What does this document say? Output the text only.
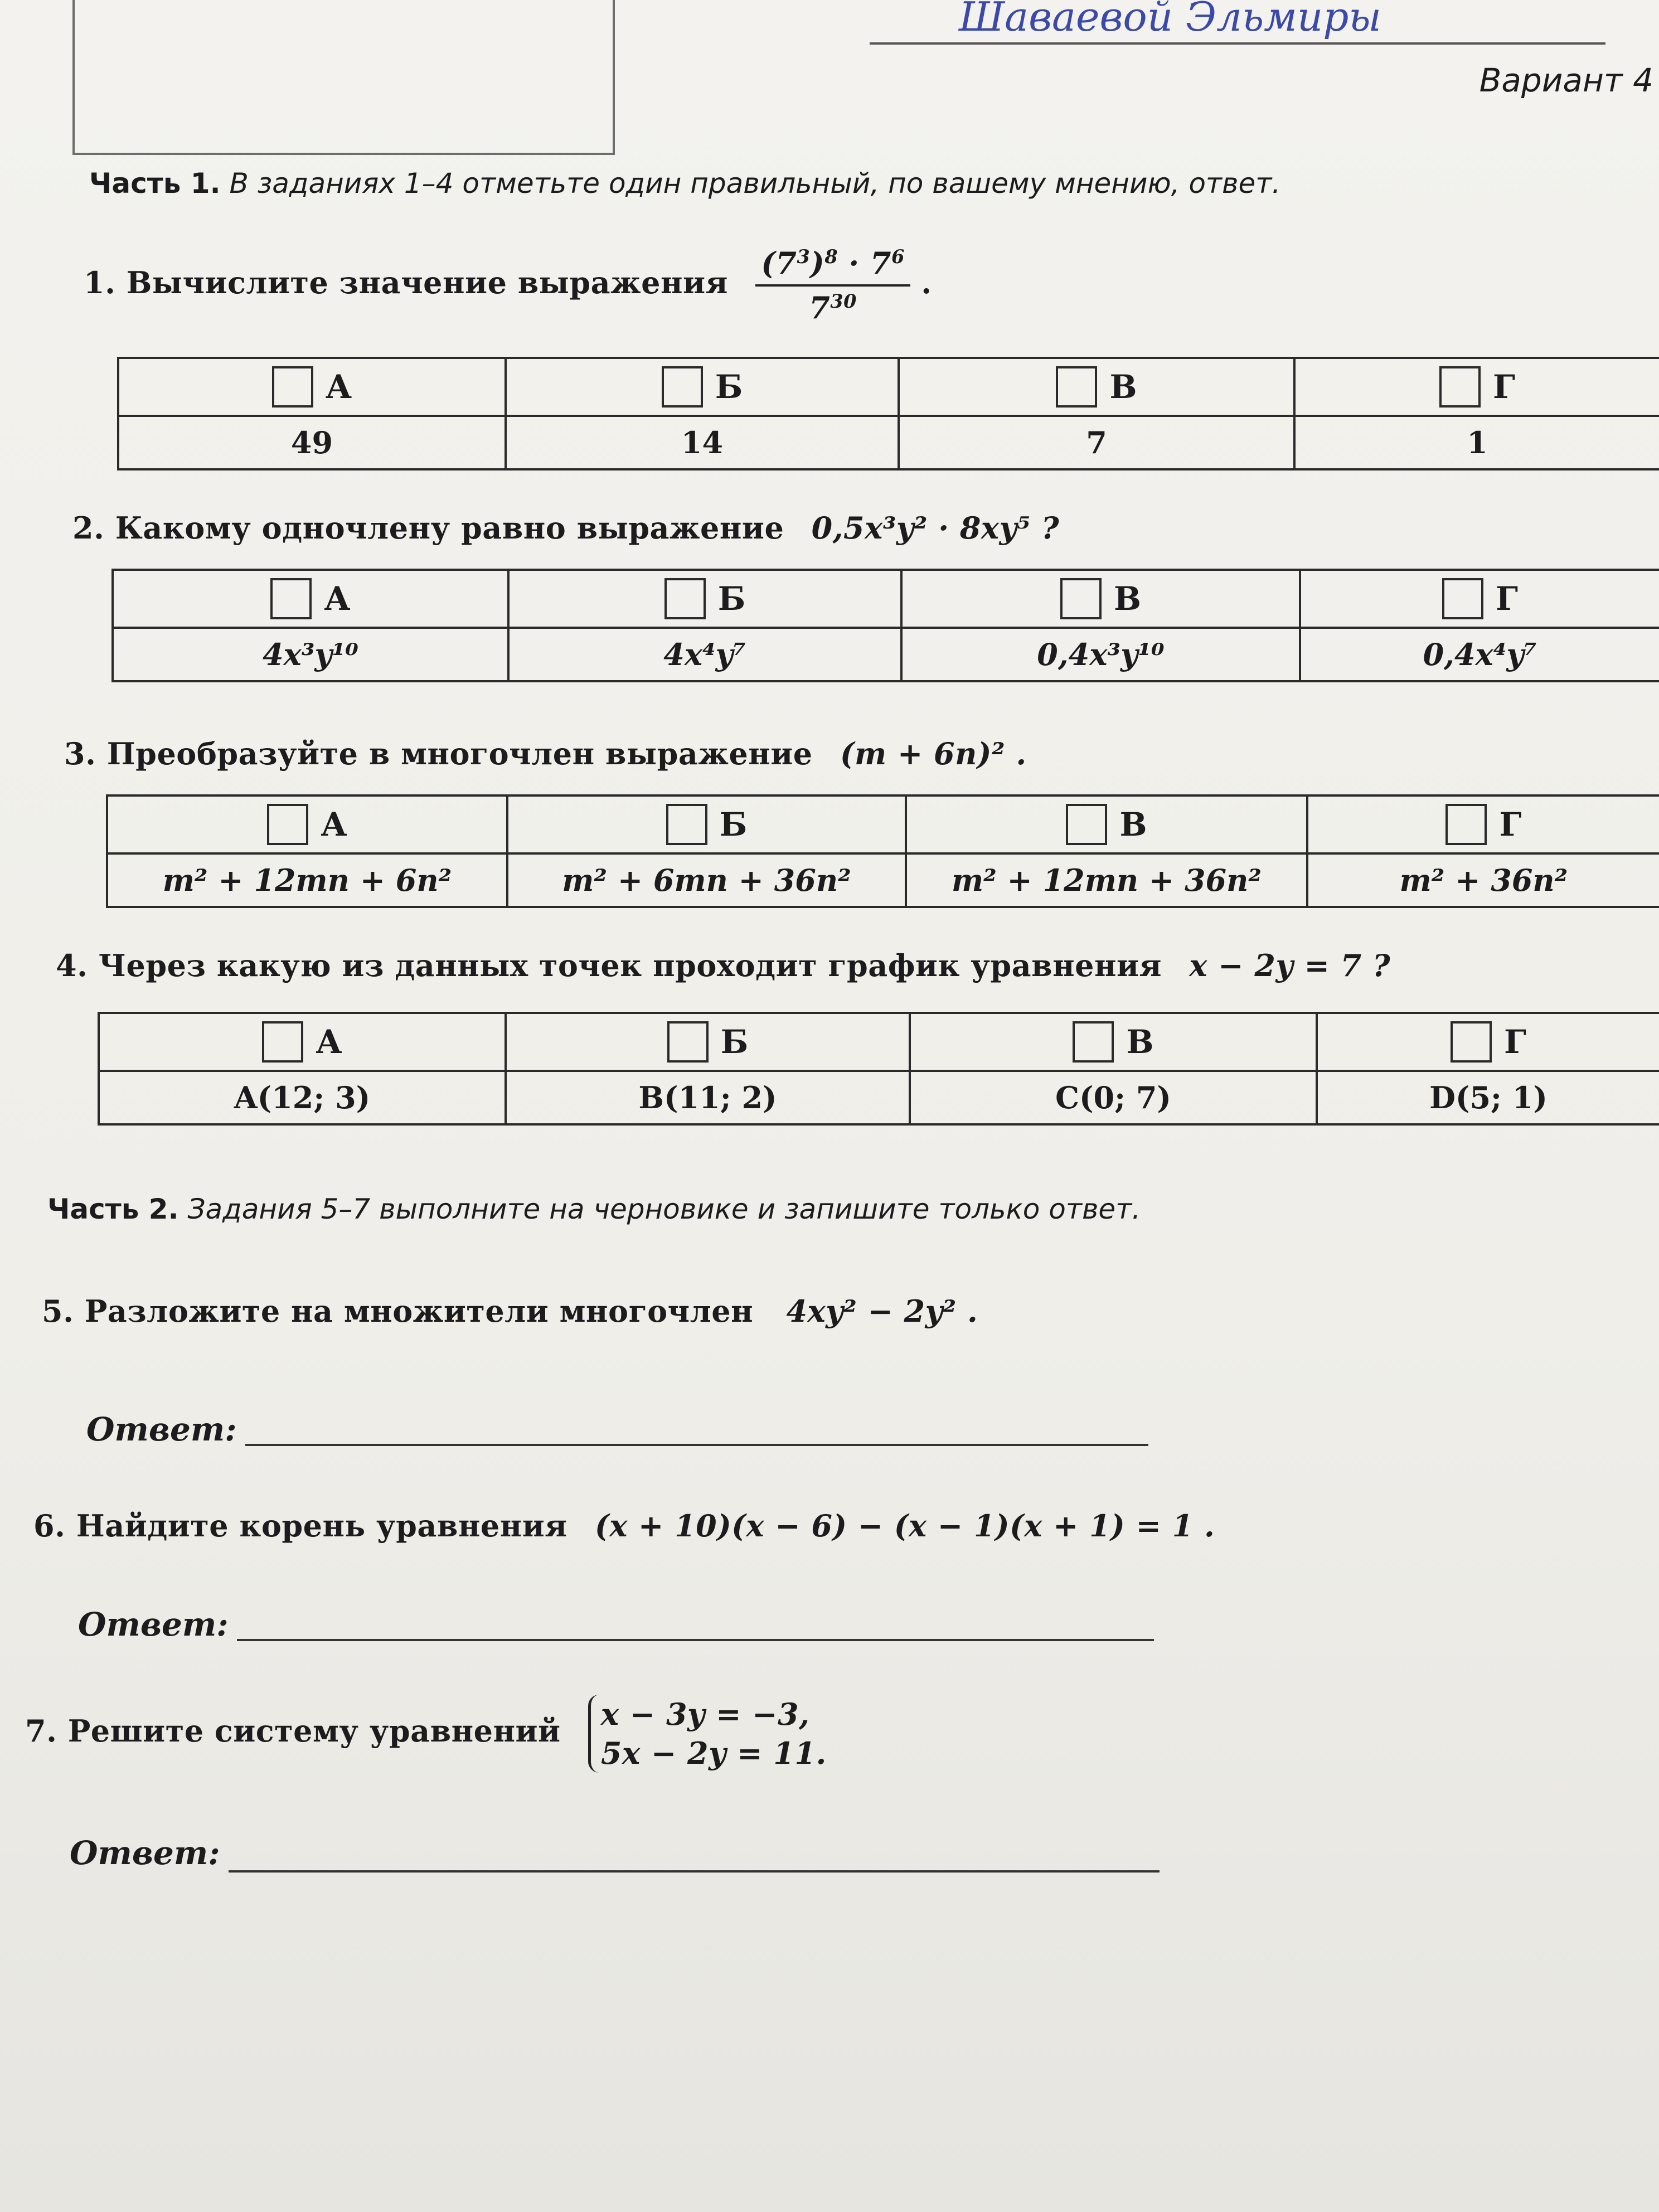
Шаваевой Эльмиры
Вариант 4
Часть 1. В заданиях 1–4 отметьте один правильный, по вашему мнению, ответ.
1. Вычислите значение выражения $\frac{(7^3)^8 \cdot 7^6}{7^{30}}$ .
А	Б	В	Г
49	14	7	1
2. Какому одночлену равно выражение 0,5x³y² · 8xy⁵ ?
А	Б	В	Г
4x³y¹⁰	4x⁴y⁷	0,4x³y¹⁰	0,4x⁴y⁷
3. Преобразуйте в многочлен выражение (m + 6n)² .
А	Б	В	Г
m² + 12mn + 6n²	m² + 6mn + 36n²	m² + 12mn + 36n²	m² + 36n²
4. Через какую из данных точек проходит график уравнения x − 2y = 7 ?
А	Б	В	Г
A(12; 3)	B(11; 2)	C(0; 7)	D(5; 1)
Часть 2. Задания 5–7 выполните на черновике и запишите только ответ.
5. Разложите на множители многочлен 4xy² − 2y² .
Ответ:
6. Найдите корень уравнения (x + 10)(x − 6) − (x − 1)(x + 1) = 1 .
Ответ:
7. Решите систему уравнений x − 3y = −3,
5x − 2y = 11.
Ответ:
